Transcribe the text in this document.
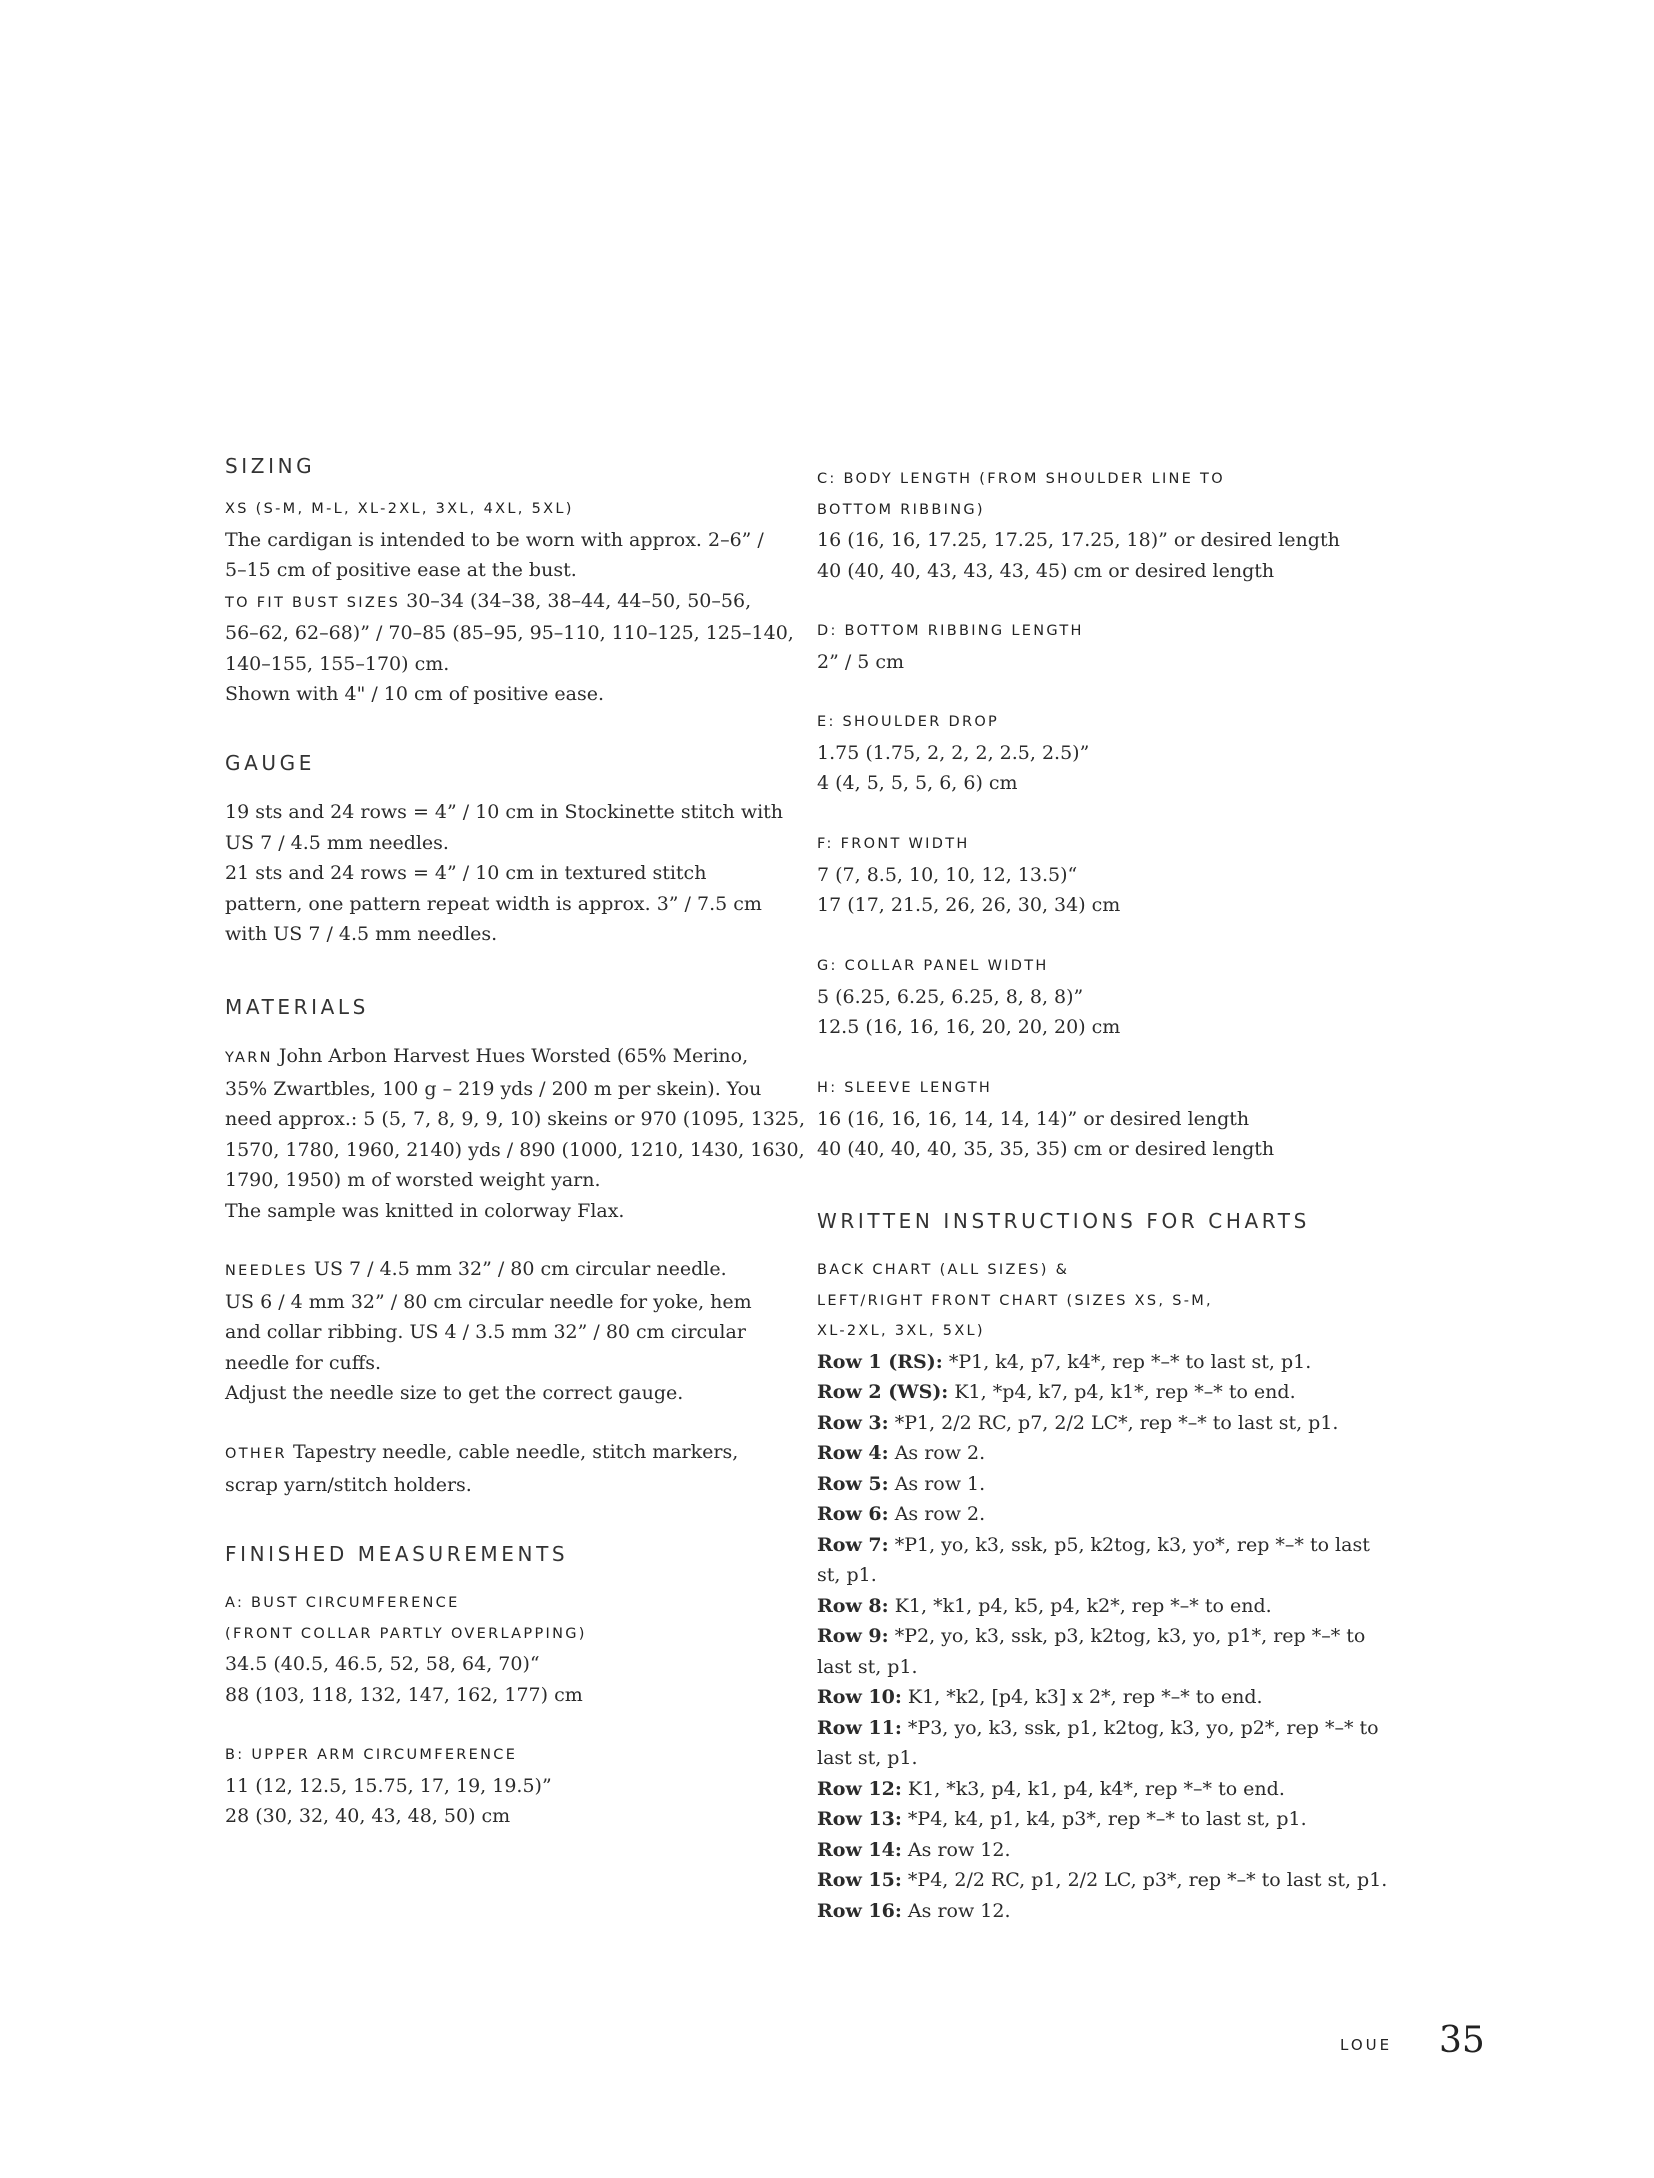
SIZING
XS (S-M, M-L, XL-2XL, 3XL, 4XL, 5XL)
The cardigan is intended to be worn with approx. 2–6” /
5–15 cm of positive ease at the bust.
TO FIT BUST SIZES 30–34 (34–38, 38–44, 44–50, 50–56,
56–62, 62–68)” / 70–85 (85–95, 95–110, 110–125, 125–140,
140–155, 155–170) cm.
Shown with 4" / 10 cm of positive ease.
GAUGE
19 sts and 24 rows = 4” / 10 cm in Stockinette stitch with
US 7 / 4.5 mm needles.
21 sts and 24 rows = 4” / 10 cm in textured stitch
pattern, one pattern repeat width is approx. 3” / 7.5 cm
with US 7 / 4.5 mm needles.
MATERIALS
YARN John Arbon Harvest Hues Worsted (65% Merino,
35% Zwartbles, 100 g – 219 yds / 200 m per skein). You
need approx.: 5 (5, 7, 8, 9, 9, 10) skeins or 970 (1095, 1325,
1570, 1780, 1960, 2140) yds / 890 (1000, 1210, 1430, 1630,
1790, 1950) m of worsted weight yarn.
The sample was knitted in colorway Flax.
NEEDLES US 7 / 4.5 mm 32” / 80 cm circular needle.
US 6 / 4 mm 32” / 80 cm circular needle for yoke, hem
and collar ribbing. US 4 / 3.5 mm 32” / 80 cm circular
needle for cuffs.
Adjust the needle size to get the correct gauge.
OTHER Tapestry needle, cable needle, stitch markers,
scrap yarn/stitch holders.
FINISHED MEASUREMENTS
A: BUST CIRCUMFERENCE
(FRONT COLLAR PARTLY OVERLAPPING)
34.5 (40.5, 46.5, 52, 58, 64, 70)“
88 (103, 118, 132, 147, 162, 177) cm
B: UPPER ARM CIRCUMFERENCE
11 (12, 12.5, 15.75, 17, 19, 19.5)”
28 (30, 32, 40, 43, 48, 50) cm
C: BODY LENGTH (FROM SHOULDER LINE TO
BOTTOM RIBBING)
16 (16, 16, 17.25, 17.25, 17.25, 18)” or desired length
40 (40, 40, 43, 43, 43, 45) cm or desired length
D: BOTTOM RIBBING LENGTH
2” / 5 cm
E: SHOULDER DROP
1.75 (1.75, 2, 2, 2, 2.5, 2.5)”
4 (4, 5, 5, 5, 6, 6) cm
F: FRONT WIDTH
7 (7, 8.5, 10, 10, 12, 13.5)“
17 (17, 21.5, 26, 26, 30, 34) cm
G: COLLAR PANEL WIDTH
5 (6.25, 6.25, 6.25, 8, 8, 8)”
12.5 (16, 16, 16, 20, 20, 20) cm
H: SLEEVE LENGTH
16 (16, 16, 16, 14, 14, 14)” or desired length
40 (40, 40, 40, 35, 35, 35) cm or desired length
WRITTEN INSTRUCTIONS FOR CHARTS
BACK CHART (ALL SIZES) &
LEFT/RIGHT FRONT CHART (SIZES XS, S-M,
XL-2XL, 3XL, 5XL)
Row 1 (RS): *P1, k4, p7, k4*, rep *–* to last st, p1.
Row 2 (WS): K1, *p4, k7, p4, k1*, rep *–* to end.
Row 3: *P1, 2/2 RC, p7, 2/2 LC*, rep *–* to last st, p1.
Row 4: As row 2.
Row 5: As row 1.
Row 6: As row 2.
Row 7: *P1, yo, k3, ssk, p5, k2tog, k3, yo*, rep *–* to last
st, p1.
Row 8: K1, *k1, p4, k5, p4, k2*, rep *–* to end.
Row 9: *P2, yo, k3, ssk, p3, k2tog, k3, yo, p1*, rep *–* to
last st, p1.
Row 10: K1, *k2, [p4, k3] x 2*, rep *–* to end.
Row 11: *P3, yo, k3, ssk, p1, k2tog, k3, yo, p2*, rep *–* to
last st, p1.
Row 12: K1, *k3, p4, k1, p4, k4*, rep *–* to end.
Row 13: *P4, k4, p1, k4, p3*, rep *–* to last st, p1.
Row 14: As row 12.
Row 15: *P4, 2/2 RC, p1, 2/2 LC, p3*, rep *–* to last st, p1.
Row 16: As row 12.
LOUE 35
